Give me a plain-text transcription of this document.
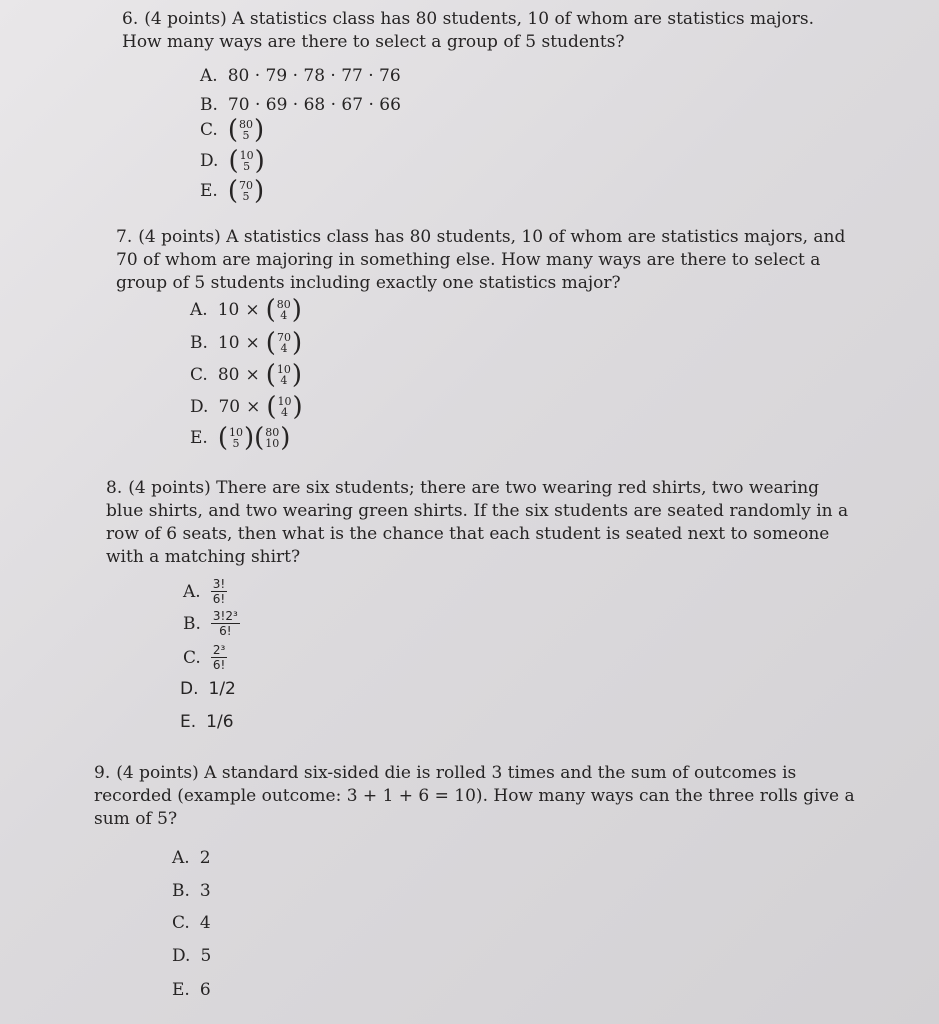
6. (4 points) A statistics class has 80 students, 10 of whom are statistics majors. How many ways are there to select a group of 5 students?

A. 80 · 79 · 78 · 77 · 76
B. 70 · 69 · 68 · 67 · 66
C. ( 80
5 )
D. ( 10
5 )
E. ( 70
5 )

7. (4 points) A statistics class has 80 students, 10 of whom are statistics majors, and 70 of whom are majoring in something else. How many ways are there to select a group of 5 students including exactly one statistics major?

A. 10 × ( 80
4 )
B. 10 × ( 70
4 )
C. 80 × ( 10
4 )
D. 70 × ( 10
4 )
E. ( 10
5 ) ( 80
10 )

8. (4 points) There are six students; there are two wearing red shirts, two wearing blue shirts, and two wearing green shirts. If the six students are seated randomly in a row of 6 seats, then what is the chance that each student is seated next to someone with a matching shirt?

A. $\frac{3!}{6!}$
B. $\frac{\text{3!2³}}{6!}$
C. $\frac{\text{2³}}{6!}$
D. 1/2
E. 1/6

9. (4 points) A standard six-sided die is rolled 3 times and the sum of outcomes is recorded (example outcome: 3 + 1 + 6 = 10). How many ways can the three rolls give a sum of 5?

A. 2
B. 3
C. 4
D. 5
E. 6
